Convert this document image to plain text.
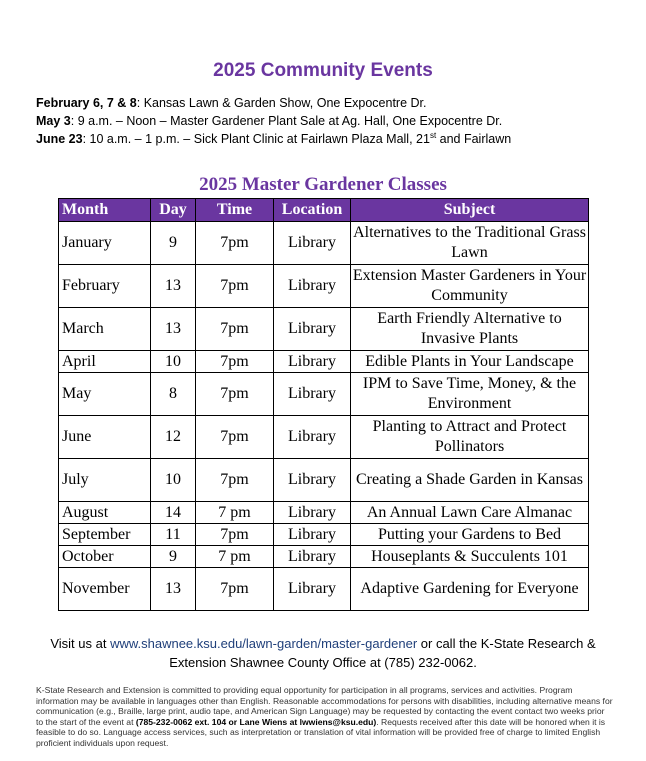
2025 Community Events
February 6, 7 & 8: Kansas Lawn & Garden Show, One Expocentre Dr.
May 3: 9 a.m. – Noon – Master Gardener Plant Sale at Ag. Hall, One Expocentre Dr.
June 23: 10 a.m. – 1 p.m. – Sick Plant Clinic at Fairlawn Plaza Mall, 21st and Fairlawn
2025 Master Gardener Classes
Month	Day	Time	Location	Subject
January	9	7pm	Library	Alternatives to the Traditional Grass Lawn
February	13	7pm	Library	Extension Master Gardeners in Your Community
March	13	7pm	Library	Earth Friendly Alternative to Invasive Plants
April	10	7pm	Library	Edible Plants in Your Landscape
May	8	7pm	Library	IPM to Save Time, Money, & the Environment
June	12	7pm	Library	Planting to Attract and Protect Pollinators
July	10	7pm	Library	Creating a Shade Garden in Kansas
August	14	7 pm	Library	An Annual Lawn Care Almanac
September	11	7pm	Library	Putting your Gardens to Bed
October	9	7 pm	Library	Houseplants & Succulents 101
November	13	7pm	Library	Adaptive Gardening for Everyone
Visit us at www.shawnee.ksu.edu/lawn-garden/master-gardener or call the K-State Research & Extension Shawnee County Office at (785) 232-0062.
K-State Research and Extension is committed to providing equal opportunity for participation in all programs, services and activities. Program information may be available in languages other than English. Reasonable accommodations for persons with disabilities, including alternative means for communication (e.g., Braille, large print, audio tape, and American Sign Language) may be requested by contacting the event contact two weeks prior to the start of the event at (785-232-0062 ext. 104 or Lane Wiens at lwwiens@ksu.edu). Requests received after this date will be honored when it is feasible to do so. Language access services, such as interpretation or translation of vital information will be provided free of charge to limited English proficient individuals upon request.
